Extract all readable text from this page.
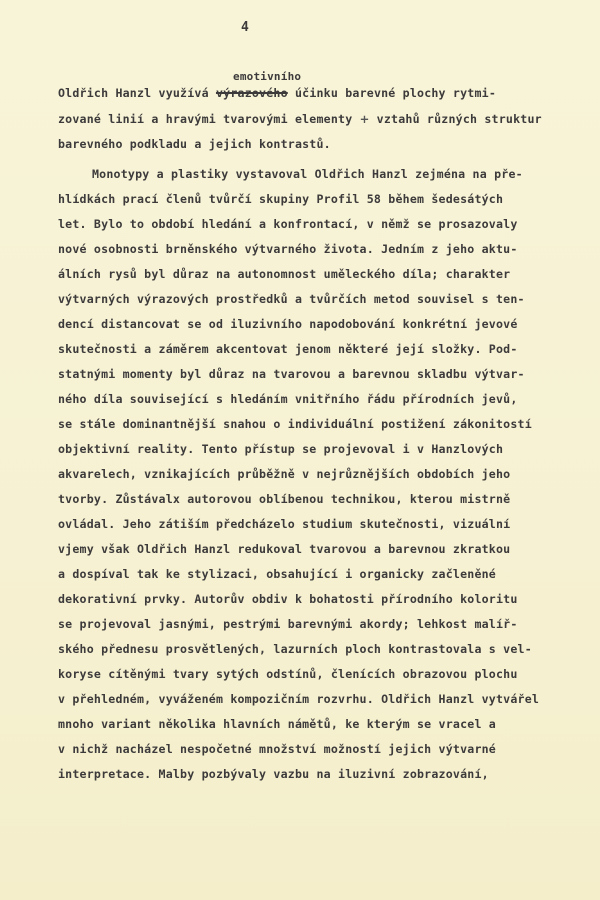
4
emotivního
Oldřich Hanzl využívá výrazového účinku barevné plochy rytmi-
zované linií a hravými tvarovými elementy + vztahů různých struktur
barevného podkladu a jejich kontrastů.
Monotypy a plastiky vystavoval Oldřich Hanzl zejména na pře-
hlídkách prací členů tvůrčí skupiny Profil 58 během šedesátých
let. Bylo to období hledání a konfrontací, v němž se prosazovaly
nové osobnosti brněnského výtvarného života. Jedním z jeho aktu-
álních rysů byl důraz na autonomnost uměleckého díla; charakter
výtvarných výrazových prostředků a tvůrčích metod souvisel s ten-
dencí distancovat se od iluzivního napodobování konkrétní jevové
skutečnosti a záměrem akcentovat jenom některé její složky. Pod-
statnými momenty byl důraz na tvarovou a barevnou skladbu výtvar-
ného díla související s hledáním vnitřního řádu přírodních jevů,
se stále dominantnější snahou o individuální postižení zákonitostí
objektivní reality. Tento přístup se projevoval i v Hanzlových
akvarelech, vznikajících průběžně v nejrůznějších obdobích jeho
tvorby. Zůstávalx autorovou oblíbenou technikou, kterou mistrně
ovládal. Jeho zátiším předcházelo studium skutečnosti, vizuální
vjemy však Oldřich Hanzl redukoval tvarovou a barevnou zkratkou
a dospíval tak ke stylizaci, obsahující i organicky začleněné
dekorativní prvky. Autorův obdiv k bohatosti přírodního koloritu
se projevoval jasnými, pestrými barevnými akordy; lehkost malíř-
ského přednesu prosvětlených, lazurních ploch kontrastovala s vel-
koryse cítěnými tvary sytých odstínů, členících obrazovou plochu
v přehledném, vyváženém kompozičním rozvrhu. Oldřich Hanzl vytvářel
mnoho variant několika hlavních námětů, ke kterým se vracel a
v nichž nacházel nespočetné množství možností jejich výtvarné
interpretace. Malby pozbývaly vazbu na iluzivní zobrazování,
